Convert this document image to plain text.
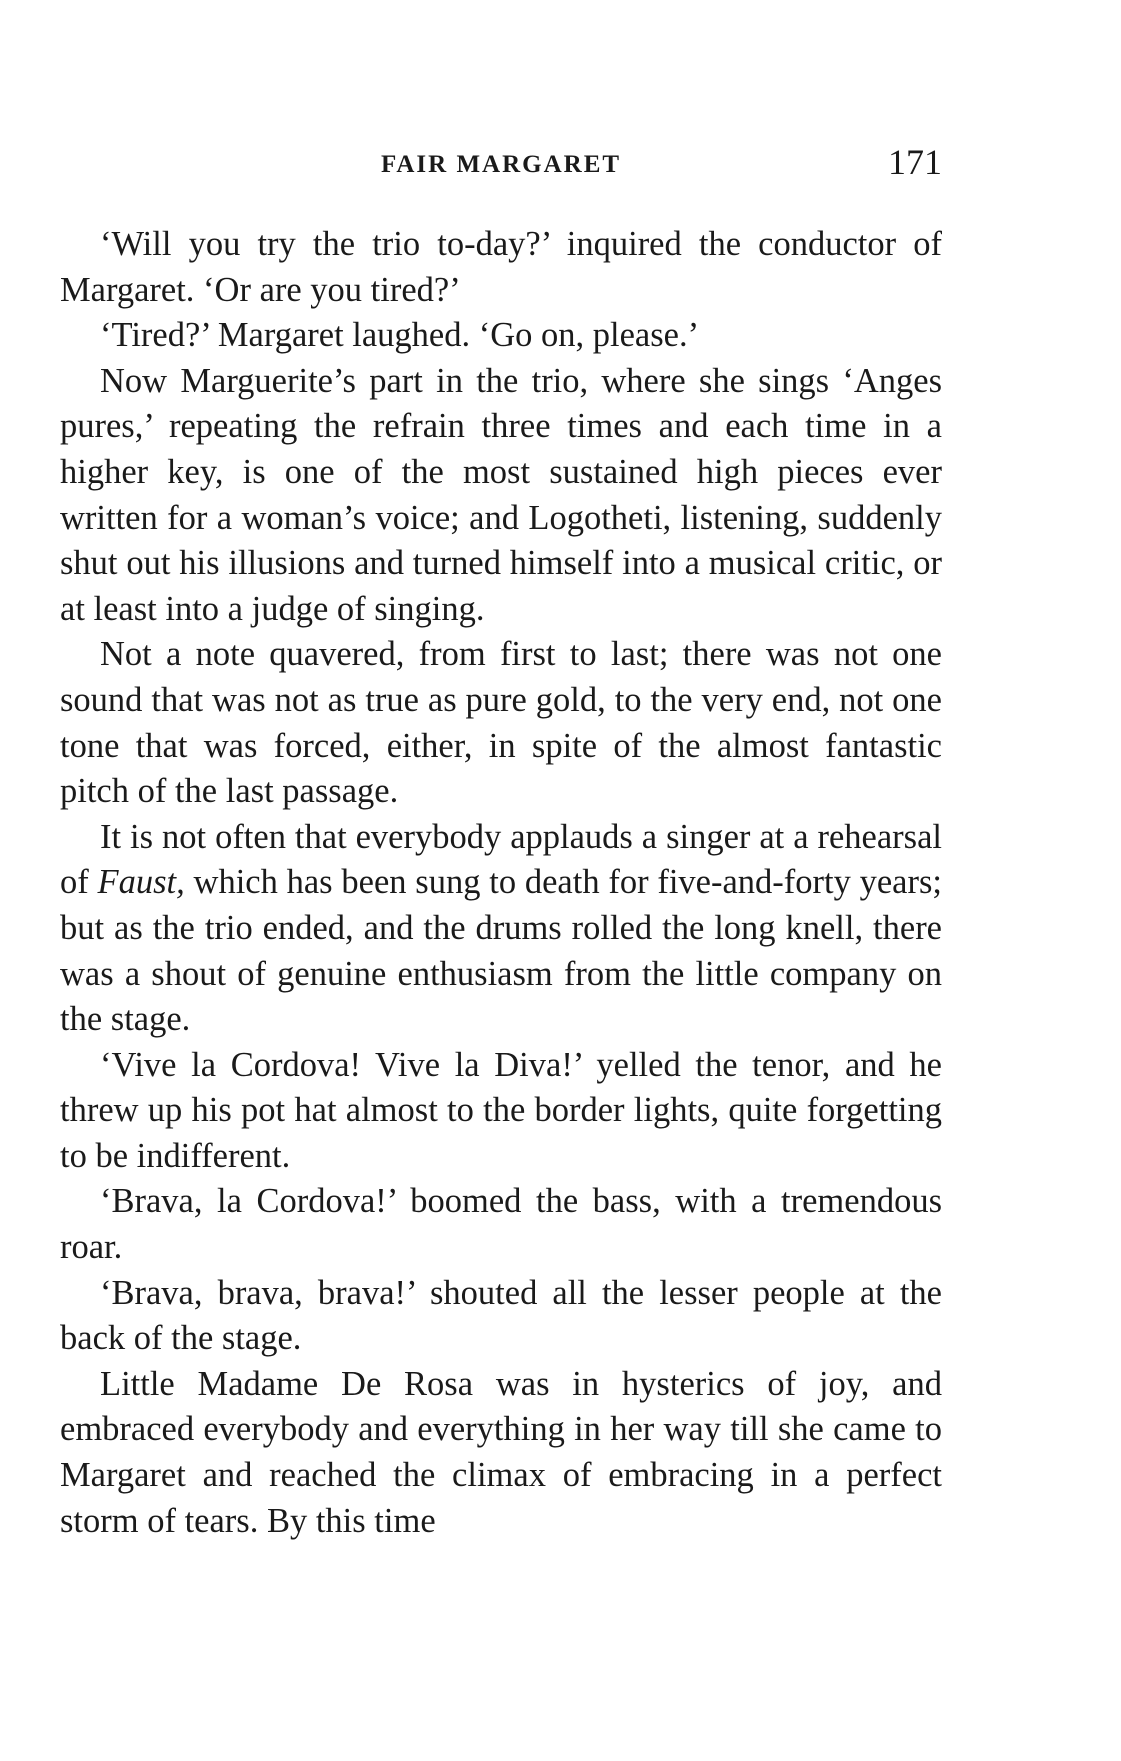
FAIR MARGARET	171

‘Will you try the trio to-day?’ inquired the conductor of Margaret. ‘Or are you tired?’

‘Tired?’ Margaret laughed. ‘Go on, please.’

Now Marguerite’s part in the trio, where she sings ‘Anges pures,’ repeating the refrain three times and each time in a higher key, is one of the most sustained high pieces ever written for a woman’s voice; and Logotheti, listening, suddenly shut out his illusions and turned himself into a musical critic, or at least into a judge of singing.

Not a note quavered, from first to last; there was not one sound that was not as true as pure gold, to the very end, not one tone that was forced, either, in spite of the almost fantastic pitch of the last passage.

It is not often that everybody applauds a singer at a rehearsal of Faust, which has been sung to death for five-and-forty years; but as the trio ended, and the drums rolled the long knell, there was a shout of genuine enthusiasm from the little company on the stage.

‘Vive la Cordova! Vive la Diva!’ yelled the tenor, and he threw up his pot hat almost to the border lights, quite forgetting to be indifferent.

‘Brava, la Cordova!’ boomed the bass, with a tremendous roar.

‘Brava, brava, brava!’ shouted all the lesser people at the back of the stage.

Little Madame De Rosa was in hysterics of joy, and embraced everybody and everything in her way till she came to Margaret and reached the climax of embracing in a perfect storm of tears. By this time
